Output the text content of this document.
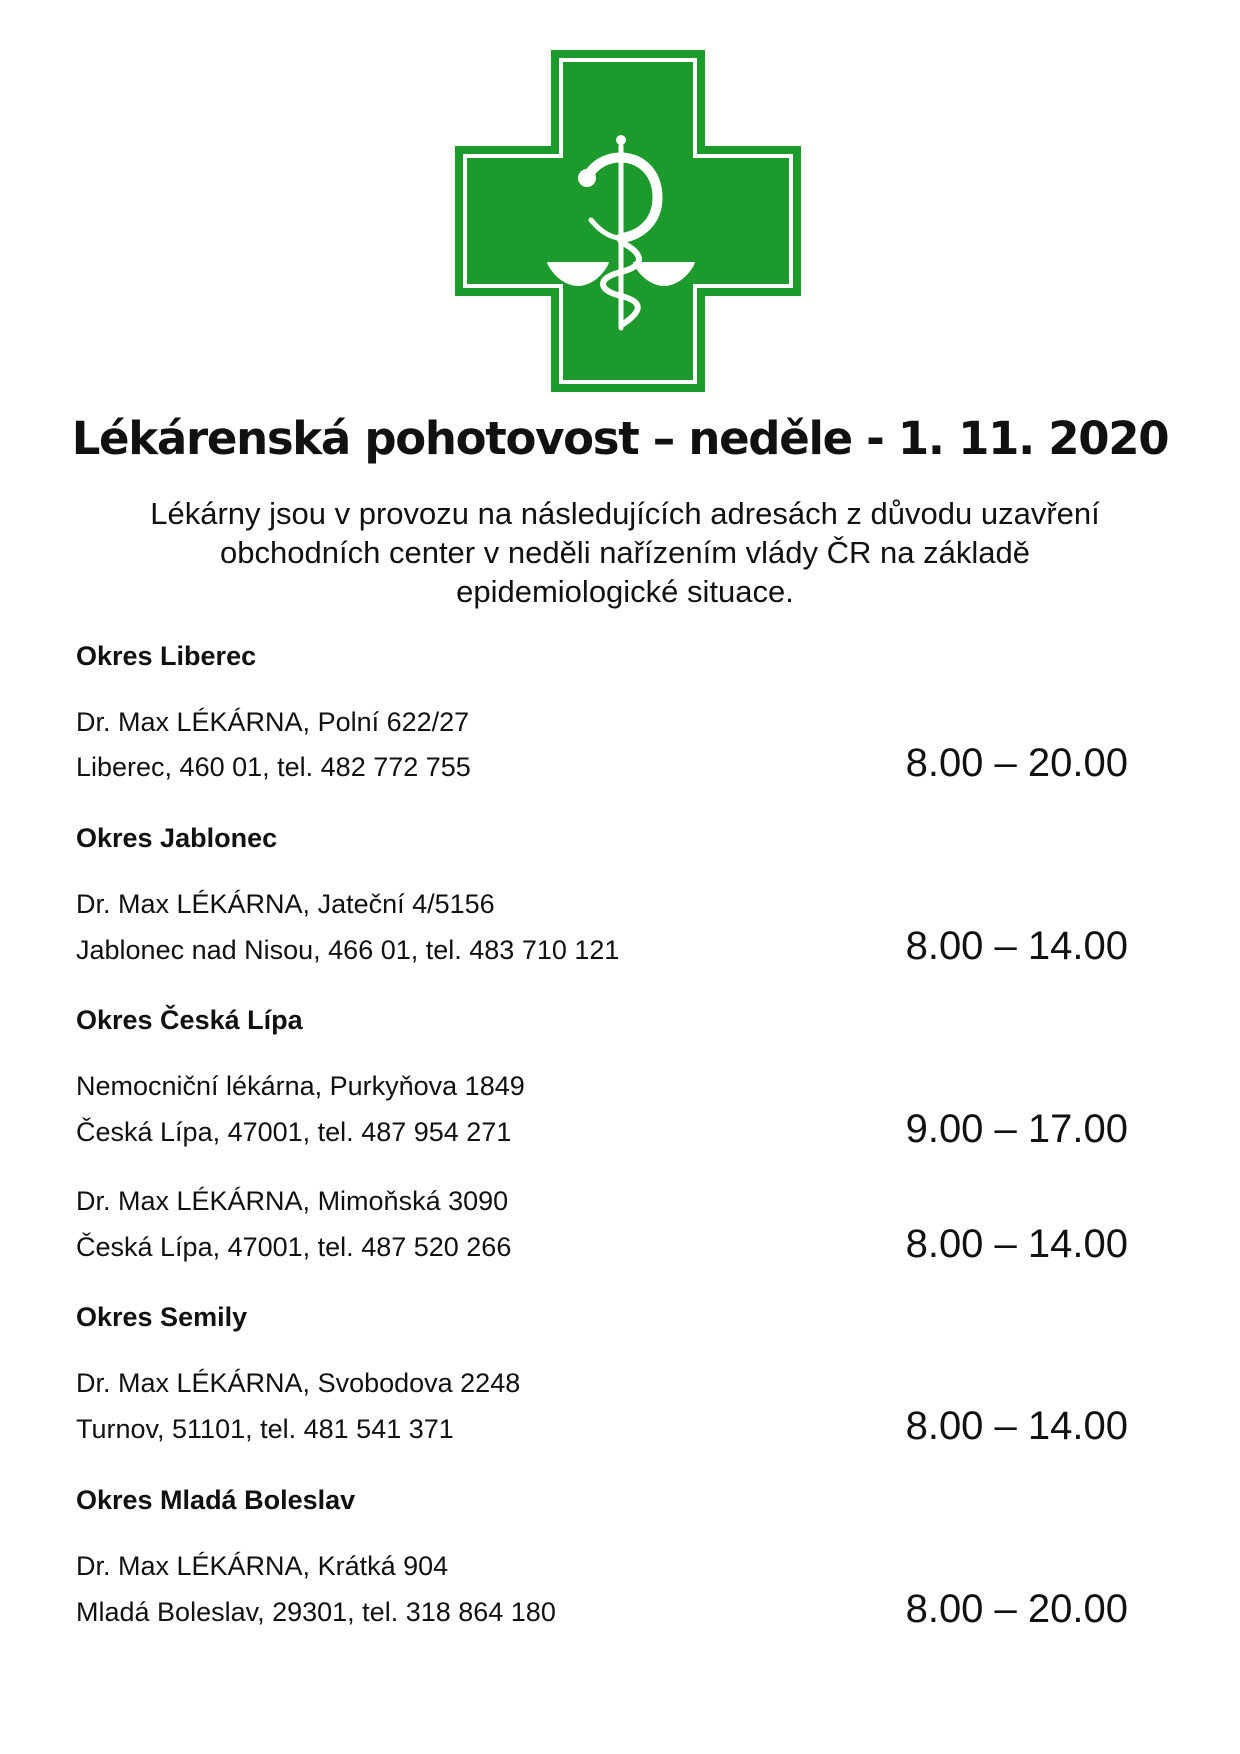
Lékárenská pohotovost – neděle - 1. 11. 2020
Lékárny jsou v provozu na následujících adresách z důvodu uzavření
obchodních center v neděli nařízením vlády ČR na základě
epidemiologické situace.
Okres Liberec
Dr. Max LÉKÁRNA, Polní 622/27
Liberec, 460 01, tel. 482 772 755	8.00 – 20.00
Okres Jablonec
Dr. Max LÉKÁRNA, Jateční 4/5156
Jablonec nad Nisou, 466 01, tel. 483 710 121	8.00 – 14.00
Okres Česká Lípa
Nemocniční lékárna, Purkyňova 1849
Česká Lípa, 47001, tel. 487 954 271	9.00 – 17.00
Dr. Max LÉKÁRNA, Mimoňská 3090
Česká Lípa, 47001, tel. 487 520 266	8.00 – 14.00
Okres Semily
Dr. Max LÉKÁRNA, Svobodova 2248
Turnov, 51101, tel. 481 541 371	8.00 – 14.00
Okres Mladá Boleslav
Dr. Max LÉKÁRNA, Krátká 904
Mladá Boleslav, 29301, tel. 318 864 180	8.00 – 20.00
